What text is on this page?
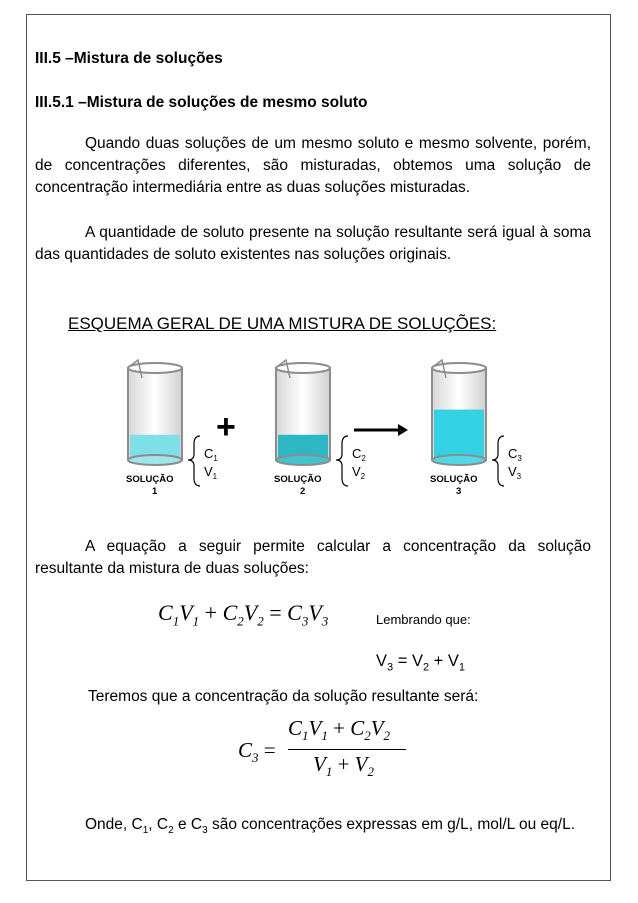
III.5 –Mistura de soluções
III.5.1 –Mistura de soluções de mesmo soluto
Quando duas soluções de um mesmo soluto e mesmo solvente, porém, de concentrações diferentes, são misturadas, obtemos uma solução de concentração intermediária entre as duas soluções misturadas.
A quantidade de soluto presente na solução resultante será igual à soma das quantidades de soluto existentes nas soluções originais.
ESQUEMA GERAL DE UMA MISTURA DE SOLUÇÕES:
SOLUÇÃO
1
$C_1$
$V_1$
+
SOLUÇÃO
2
$C_2$
$V_2$	SOLUÇÃO
3
$C_3$
$V_3$
A equação a seguir permite calcular a concentração da solução resultante da mistura de duas soluções:
$C_1V_1 + C_2V_2 = C_3V_3$	Lembrando que:
$V_3 = V_2 + V_1$
Teremos que a concentração da solução resultante será:
$C_3$ =
$C_1V_1 + C_2V_2$
$V_1 + V_2$
Onde, $C_1$, $C_2$ e $C_3$ são concentrações expressas em g/L, mol/L ou eq/L.
